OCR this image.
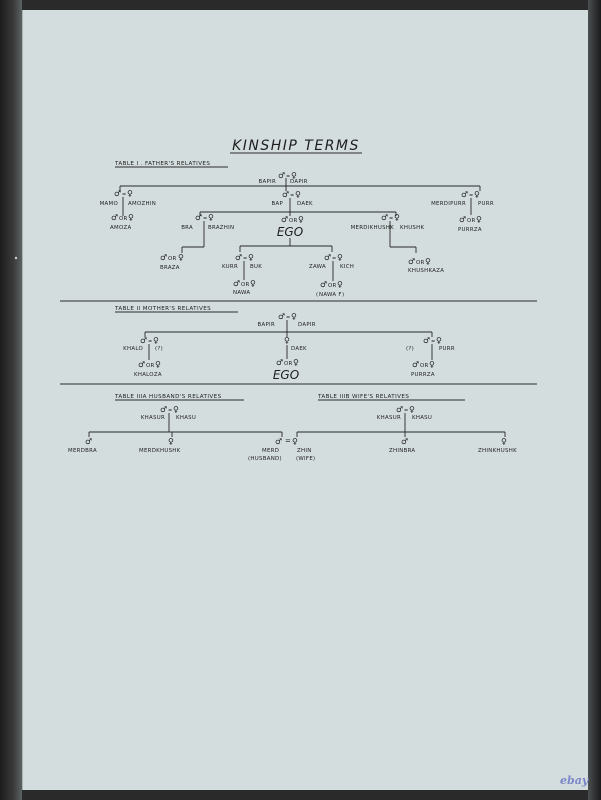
KINSHIP TERMS
TABLE I . FATHER'S RELATIVES
BAPIR	DAPIR
♂ = ♀
♂ = ♀
MAMO AMOZHIN
♂ OR ♀
AMOZA
♂ = ♀
BAP	DAEK
♂ = ♀
MERDIPURR PURR
♂ OR ♀
PURRZA
♂ = ♀
BRA	BRAZHIN
♂ OR ♀
BRAZA
♂ OR ♀
EGO
♂ = ♀
KURR BUK
♂ OR ♀
NAWA
♂ = ♀
ZAWA	KICH
♂ OR ♀
( NAWA F )
♂ = ♀
MERDIKHUSHK KHUSHK
♂ OR ♀
KHUSHKAZA
TABLE II MOTHER'S RELATIVES
♂ = ♀
BAPIR	DAPIR
♂ = ♀
KHALO (?)
♂ OR ♀
KHALOZA
♀
DAEK
♂ OR ♀
EGO
♂ = ♀
(?)	PURR
♂ OR ♀
PURRZA
TABLE IIIA HUSBAND'S RELATIVES
♂ = ♀
KHASUR KHASU
♂
MERDBRA
♀
MERDKHUSHK
♂ = ♀
MERD
(HUSBAND)
ZHIN
(WIFE)
TABLE IIIB WIFE'S RELATIVES
♂ = ♀
KHASUR KHASU
♂
ZHINBRA
♀
ZHINKHUSHK
ebay
